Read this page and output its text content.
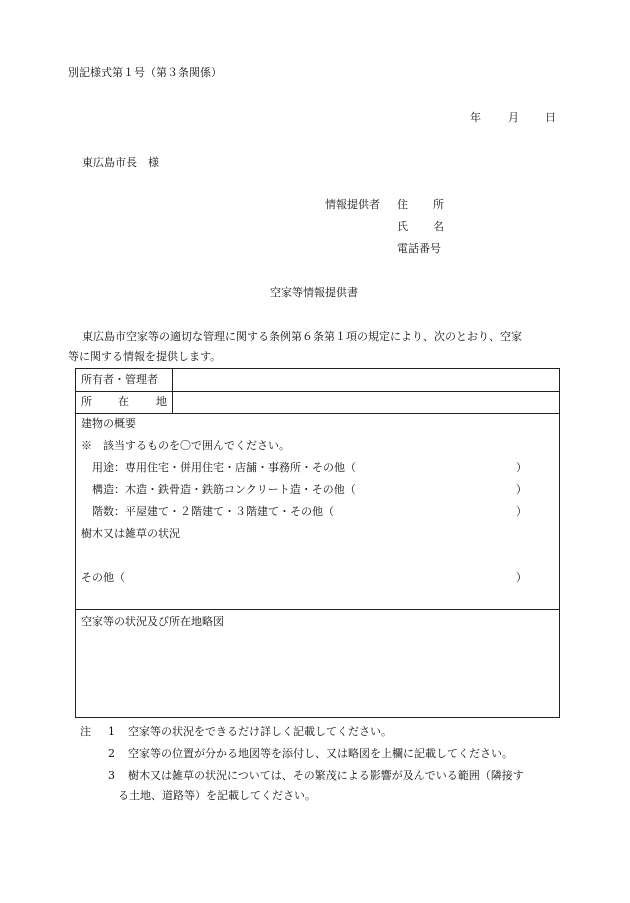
別記様式第１号（第３条関係）
年 月 日
東広島市長　様
情報提供者 住 所
氏 名
電話番号
空家等情報提供書
東広島市空家等の適切な管理に関する条例第６条第１項の規定により、次のとおり、空家
等に関する情報を提供します。
所有者・管理者
所 在 地
建物の概要
※　該当するものを〇で囲んでください。
用途：専用住宅・併用住宅・店舗・事務所・その他（	）
構造：木造・鉄骨造・鉄筋コンクリート造・その他（	）
階数：平屋建て・２階建て・３階建て・その他（	）
樹木又は雑草の状況
その他（	）
空家等の状況及び所在地略図
注 1 空家等の状況をできるだけ詳しく記載してください。
2 空家等の位置が分かる地図等を添付し、又は略図を上欄に記載してください。
3 樹木又は雑草の状況については、その繁茂による影響が及んでいる範囲（隣接す
る土地、道路等）を記載してください。
